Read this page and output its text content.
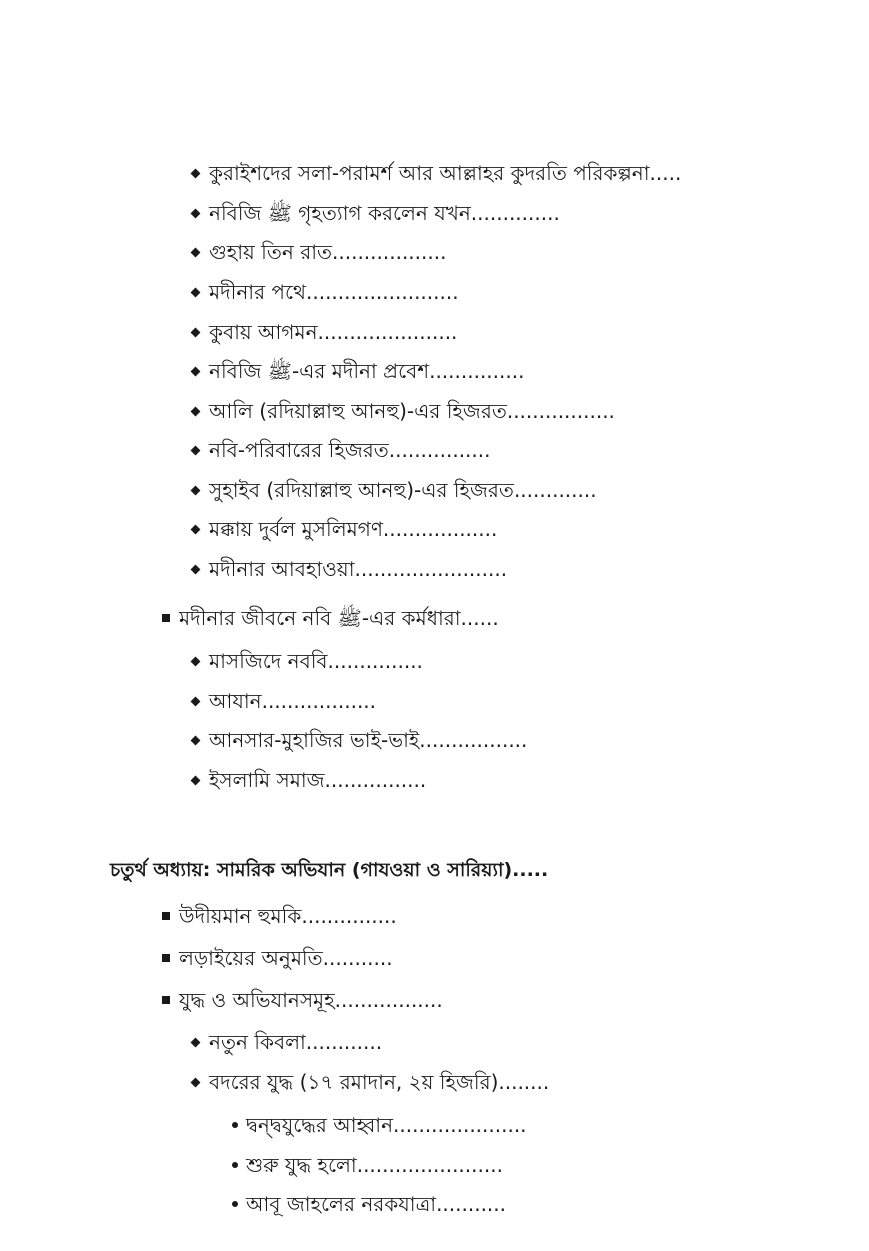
কুরাইশদের সলা-পরামর্শ আর আল্লাহর কুদরতি পরিকল্পনা.....
নবিজি ﷺ গৃহত্যাগ করলেন যখন..............
গুহায় তিন রাত..................
মদীনার পথে........................
কুবায় আগমন......................
নবিজি ﷺ-এর মদীনা প্রবেশ...............
আলি (রদিয়াল্লাহু আনহু)-এর হিজরত.................
নবি-পরিবারের হিজরত................
সুহাইব (রদিয়াল্লাহু আনহু)-এর হিজরত.............
মক্কায় দুর্বল মুসলিমগণ..................
মদীনার আবহাওয়া........................
মদীনার জীবনে নবি ﷺ-এর কর্মধারা......
মাসজিদে নববি...............
আযান..................
আনসার-মুহাজির ভাই-ভাই.................
ইসলামি সমাজ................
চতুর্থ অধ্যায়: সামরিক অভিযান (গাযওয়া ও সারিয়্যা).....
উদীয়মান হুমকি...............
লড়াইয়ের অনুমতি...........
যুদ্ধ ও অভিযানসমূহ.................
নতুন কিবলা............
বদরের যুদ্ধ (১৭ রমাদান, ২য় হিজরি)........
দ্বন্দ্বযুদ্ধের আহ্বান.....................
শুরু যুদ্ধ হলো.......................
আবূ জাহলের নরকযাত্রা...........
